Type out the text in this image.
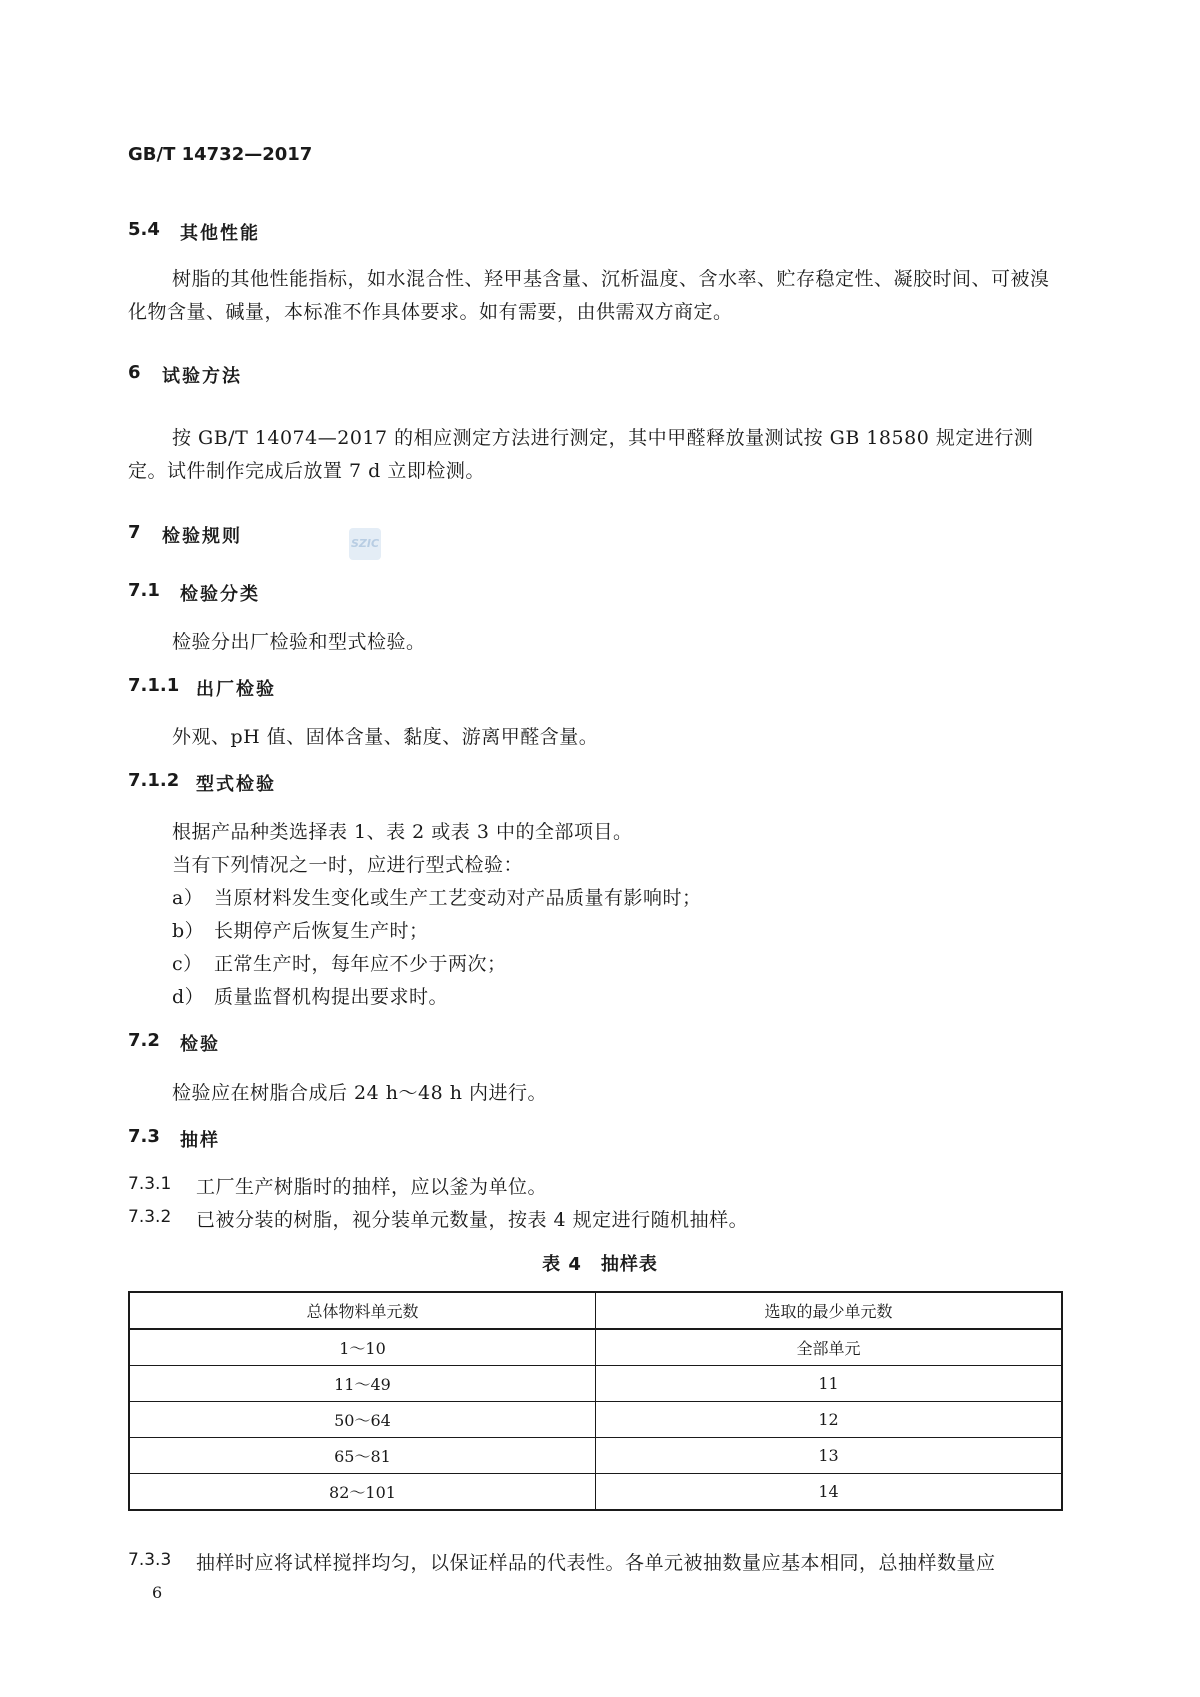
GB/T 14732—2017
5.4 其他性能
树脂的其他性能指标，如水混合性、羟甲基含量、沉析温度、含水率、贮存稳定性、凝胶时间、可被溴
化物含量、碱量，本标准不作具体要求。如有需要，由供需双方商定。
6 试验方法
按 GB/T 14074—2017 的相应测定方法进行测定，其中甲醛释放量测试按 GB 18580 规定进行测
定。试件制作完成后放置 7 d 立即检测。
7 检验规则	SZIC
7.1 检验分类
检验分出厂检验和型式检验。
7.1.1 出厂检验
外观、pH 值、固体含量、黏度、游离甲醛含量。
7.1.2 型式检验
根据产品种类选择表 1、表 2 或表 3 中的全部项目。
当有下列情况之一时，应进行型式检验：
a） 当原材料发生变化或生产工艺变动对产品质量有影响时；
b） 长期停产后恢复生产时；
c） 正常生产时，每年应不少于两次；
d） 质量监督机构提出要求时。
7.2 检验
检验应在树脂合成后 24 h～48 h 内进行。
7.3 抽样
7.3.1 工厂生产树脂时的抽样，应以釜为单位。
7.3.2 已被分装的树脂，视分装单元数量，按表 4 规定进行随机抽样。
表 4　抽样表
总体物料单元数	选取的最少单元数
1～10	全部单元
11～49	11
50～64	12
65～81	13
82～101	14
7.3.3 抽样时应将试样搅拌均匀，以保证样品的代表性。各单元被抽数量应基本相同，总抽样数量应
6
